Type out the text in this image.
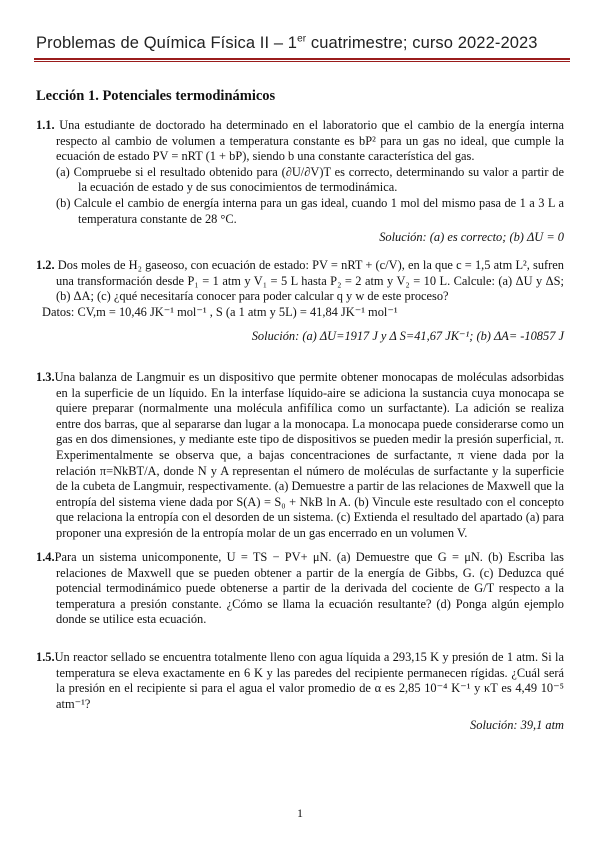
Problemas de Química Física II – 1er cuatrimestre; curso 2022-2023
Lección 1. Potenciales termodinámicos
1.1. Una estudiante de doctorado ha determinado en el laboratorio que el cambio de la energía interna respecto al cambio de volumen a temperatura constante es bP² para un gas no ideal, que cumple la ecuación de estado PV = nRT (1 + bP), siendo b una constante característica del gas.
(a) Compruebe si el resultado obtenido para (∂U/∂V)T es correcto, determinando su valor a partir de la ecuación de estado y de sus conocimientos de termodinámica.
(b) Calcule el cambio de energía interna para un gas ideal, cuando 1 mol del mismo pasa de 1 a 3 L a temperatura constante de 28 °C.
Solución: (a) es correcto; (b) ΔU = 0
1.2. Dos moles de H₂ gaseoso, con ecuación de estado: PV = nRT + (c/V), en la que c = 1,5 atm L², sufren una transformación desde P₁ = 1 atm y V₁ = 5 L hasta P₂ = 2 atm y V₂ = 10 L. Calcule: (a) ΔU y ΔS; (b) ΔA; (c) ¿qué necesitaría conocer para poder calcular q y w de este proceso?
Datos: CV,m = 10,46 JK⁻¹ mol⁻¹ , S (a 1 atm y 5L) = 41,84 JK⁻¹ mol⁻¹
Solución: (a) ΔU=1917 J y Δ S=41,67 JK⁻¹; (b) ΔA= -10857 J
1.3.Una balanza de Langmuir es un dispositivo que permite obtener monocapas de moléculas adsorbidas en la superficie de un líquido. En la interfase líquido-aire se adiciona la sustancia cuya monocapa se quiere preparar (normalmente una molécula anfifílica como un surfactante). La adición se realiza entre dos barras, que al separarse dan lugar a la monocapa. La monocapa puede considerarse como un gas en dos dimensiones, y mediante este tipo de dispositivos se pueden medir la presión superficial, π. Experimentalmente se observa que, a bajas concentraciones de surfactante, π viene dada por la relación π=NkBT/A, donde N y A representan el número de moléculas de surfactante y la superficie de la cubeta de Langmuir, respectivamente. (a) Demuestre a partir de las relaciones de Maxwell que la entropía del sistema viene dada por S(A) = S₀ + NkB ln A. (b) Vincule este resultado con el concepto que relaciona la entropía con el desorden de un sistema. (c) Extienda el resultado del apartado (a) para proponer una expresión de la entropía molar de un gas encerrado en un volumen V.
1.4.Para un sistema unicomponente, U = TS − PV+ μN. (a) Demuestre que G = μN. (b) Escriba las relaciones de Maxwell que se pueden obtener a partir de la energía de Gibbs, G. (c) Deduzca qué potencial termodinámico puede obtenerse a partir de la derivada del cociente de G/T respecto a la temperatura a presión constante. ¿Cómo se llama la ecuación resultante? (d) Ponga algún ejemplo donde se utilice esta ecuación.
1.5.Un reactor sellado se encuentra totalmente lleno con agua líquida a 293,15 K y presión de 1 atm. Si la temperatura se eleva exactamente en 6 K y las paredes del recipiente permanecen rígidas. ¿Cuál será la presión en el recipiente si para el agua el valor promedio de α es 2,85 10⁻⁴ K⁻¹ y κT es 4,49 10⁻⁵ atm⁻¹?
Solución: 39,1 atm
1
